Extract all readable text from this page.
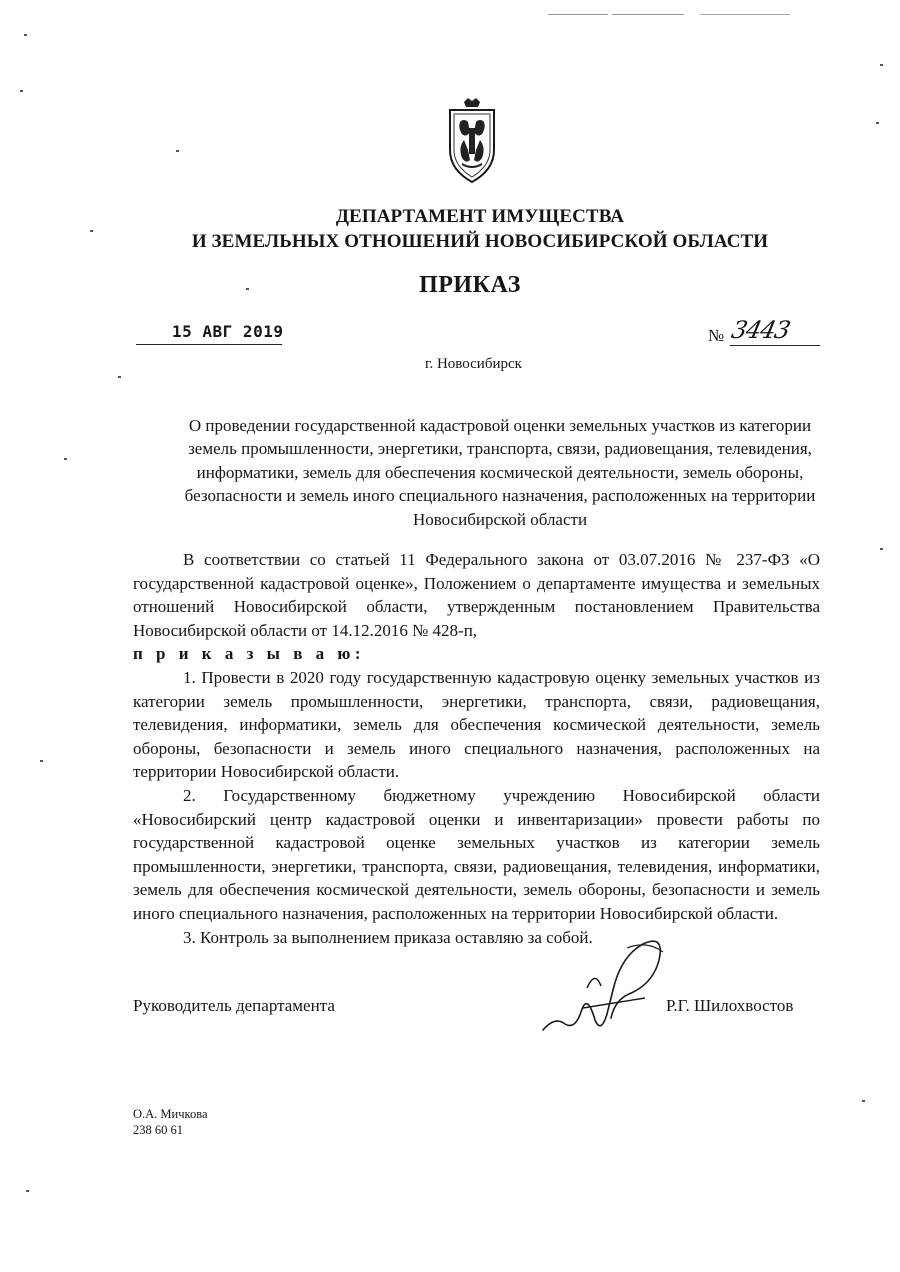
ДЕПАРТАМЕНТ ИМУЩЕСТВА
И ЗЕМЕЛЬНЫХ ОТНОШЕНИЙ НОВОСИБИРСКОЙ ОБЛАСТИ
ПРИКАЗ
15 АВГ 2019	№ 3443
г. Новосибирск
О проведении государственной кадастровой оценки земельных участков из категории земель промышленности, энергетики, транспорта, связи, радиовещания, телевидения, информатики, земель для обеспечения космической деятельности, земель обороны, безопасности и земель иного специального назначения, расположенных на территории Новосибирской области

В соответствии со статьей 11 Федерального закона от 03.07.2016 № 237-ФЗ «О государственной кадастровой оценке», Положением о департаменте имущества и земельных отношений Новосибирской области, утвержденным постановлением Правительства Новосибирской области от 14.12.2016 № 428-п,

п р и к а з ы в а ю:

1. Провести в 2020 году государственную кадастровую оценку земельных участков из категории земель промышленности, энергетики, транспорта, связи, радиовещания, телевидения, информатики, земель для обеспечения космической деятельности, земель обороны, безопасности и земель иного специального назначения, расположенных на территории Новосибирской области.

2. Государственному бюджетному учреждению Новосибирской области «Новосибирский центр кадастровой оценки и инвентаризации» провести работы по государственной кадастровой оценке земельных участков из категории земель промышленности, энергетики, транспорта, связи, радиовещания, телевидения, информатики, земель для обеспечения космической деятельности, земель обороны, безопасности и земель иного специального назначения, расположенных на территории Новосибирской области.

3. Контроль за выполнением приказа оставляю за собой.

Руководитель департамента	Р.Г. Шилохвостов
О.А. Мичкова
238 60 61
